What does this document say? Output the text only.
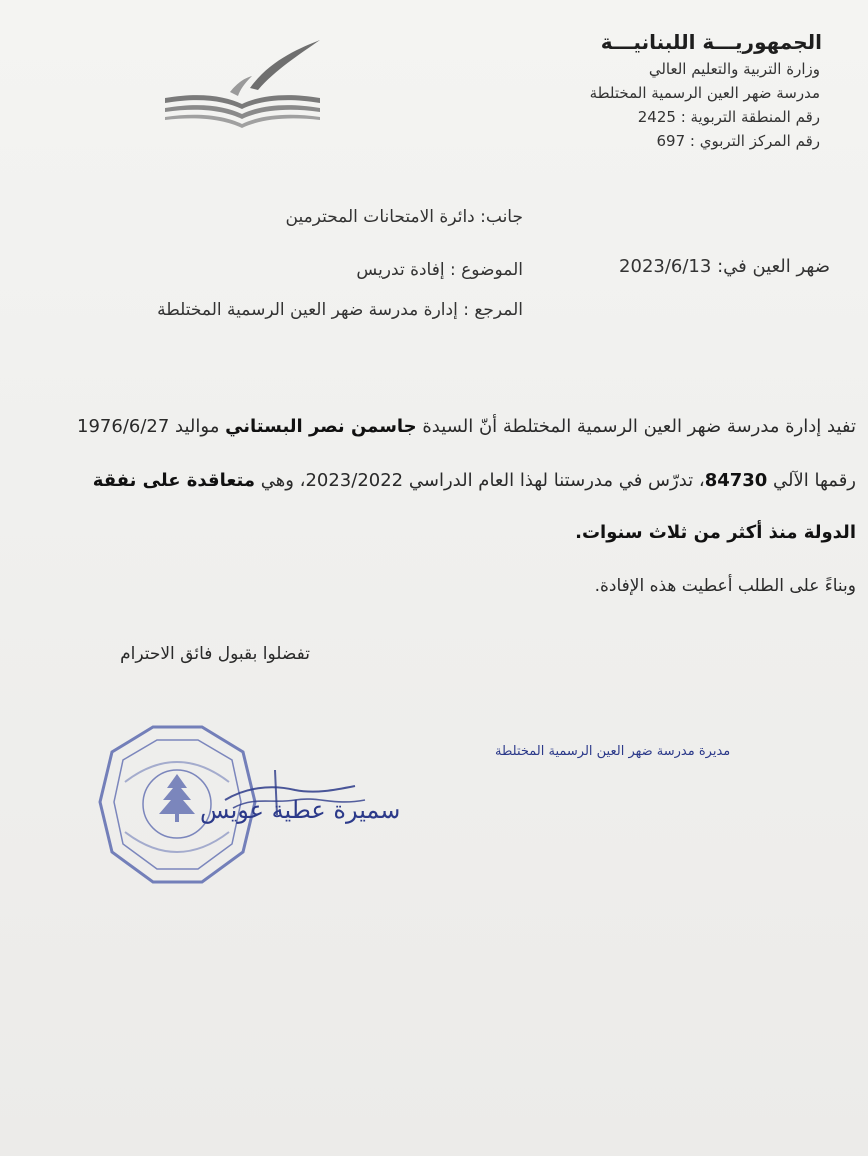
الجمهوريـــة اللبنانيـــة
وزارة التربية والتعليم العالي
مدرسة ضهر العين الرسمية المختلطة
رقم المنطقة التربوية : 2425
رقم المركز التربوي : 697
جانب: دائرة الامتحانات المحترمين
ضهر العين في: 2023/6/13
الموضوع : إفادة تدريس
المرجع : إدارة مدرسة ضهر العين الرسمية المختلطة
تفيد إدارة مدرسة ضهر العين الرسمية المختلطة أنّ السيدة جاسمن نصر البستاني مواليد 1976/6/27
رقمها الآلي 84730، تدرّس في مدرستنا لهذا العام الدراسي 2023/2022، وهي متعاقدة على نفقة
الدولة منذ أكثر من ثلاث سنوات.
وبناءً على الطلب أعطيت هذه الإفادة.
تفضلوا بقبول فائق الاحترام
مديرة مدرسة ضهر العين الرسمية المختلطة
سميرة عطية عويس
